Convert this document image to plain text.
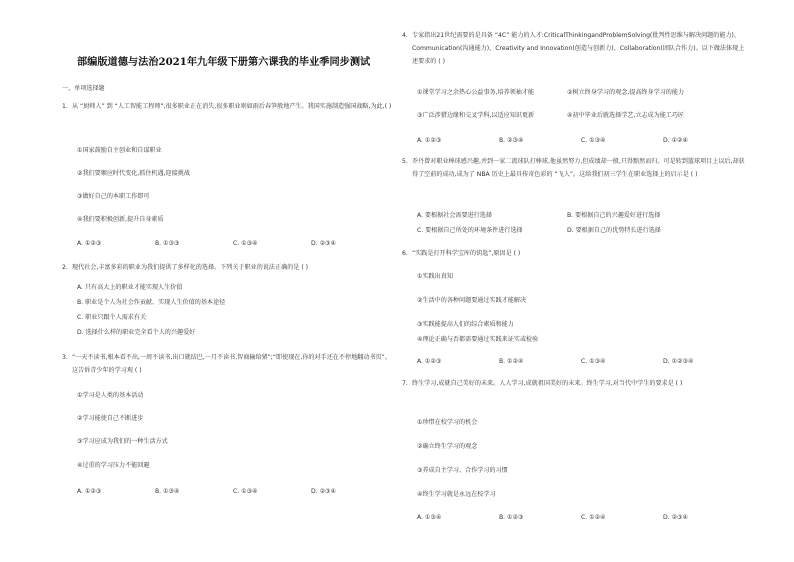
部编版道德与法治2021年九年级下册第六课我的毕业季同步测试
一、单项选择题
1. 从 “厨师人” 到 “人工智能工程师”,很多职业正在消失,很多职业则如雨后春笋般地产生。我国实施制造强国战略,为此,( )
①国家鼓励自主创业和自谋职业
②我们要顺应时代变化,抓住机遇,迎接挑战
③做好自己的本职工作即可
④我们要积极创新,提升自身素质
A. ①②③	B. ①③③	C. ①③④	D. ②③④
2. 现代社会,丰富多彩的职业为我们提供了多样化的选择。下列关于职业的说法正确的是 ( )
A. 只有高大上的职业才能实现人生价值
B. 职业是个人为社会作贡献、实现人生价值的基本途径
C. 职业只跟个人需求有关
D. 选择什么样的职业完全看个人的兴趣爱好
3. “一天不读书,根本看不出,一周不读书,出口就结巴,一月不读书,智商输给猪”;“即使现在,你的对手还在不停地翻动书页”。这告诉青少年的学习观 ( )
①学习是人类的基本活动
②学习能使自己不断进步
③学习应成为我们的一种生活方式
④过重的学习压力不能回避
A. ①②③	B. ①③④	C. ①③④	D. ②③④
4. 专家指出21世纪需要的是具备 “4C” 能力的人才:CriticalThinkingandProblemSolving(批判性思维与解决问题的能力)、Communication(沟通能力)、Creativity and Innovation(创造与创新力)、Collaboration(团队合作力)。以下做法体现上述要求的 ( )
①课堂学习之余热心公益事务,培养领袖才能	②树立终身学习的观念,提高终身学习的能力
③广泛涉猎边缘和交叉学科,以适应知识更新	④初中毕业后就选择学艺,立志成为能工巧匠
A. ①②③	B. ②③④	C. ①③④	D. ①②④
5. 乔丹曾对职业棒球感兴趣,并到一家二流球队打棒球,他虽然努力,但成绩却一般,只得黯然而归。可是转到篮球项目上以后,却获得了空前的成功,成为了 NBA 历史上最具传奇色彩的 “飞人”。这给我们初三学生在职业选择上的启示是 ( )
A. 要根据社会需要进行选择	B. 要根据自己的兴趣爱好进行选择
C. 要根据自己所处的环境条件进行选择	D. 要根据自己的优势特长进行选择
6. “实践是打开科学宝库的钥匙”,原因是 ( )
①实践出真知
②生活中的各种问题要通过实践才能解决
③实践能提高人们的综合素质和能力
④理论正确与否都需要通过实践来证实或检验
A. ①②③	B. ①②④	C. ①③④	D. ①②③④
7. 终生学习,成就自己美好的未来。人人学习,成就祖国美好的未来。终生学习,对当代中学生的要求是 ( )
①珍惜在校学习的机会
②确立终生学习的观念
③养成自主学习、合作学习的习惯
④终生学习就是永远在校学习
A. ①③④	B. ①②③	C. ①②④	D. ②③④
